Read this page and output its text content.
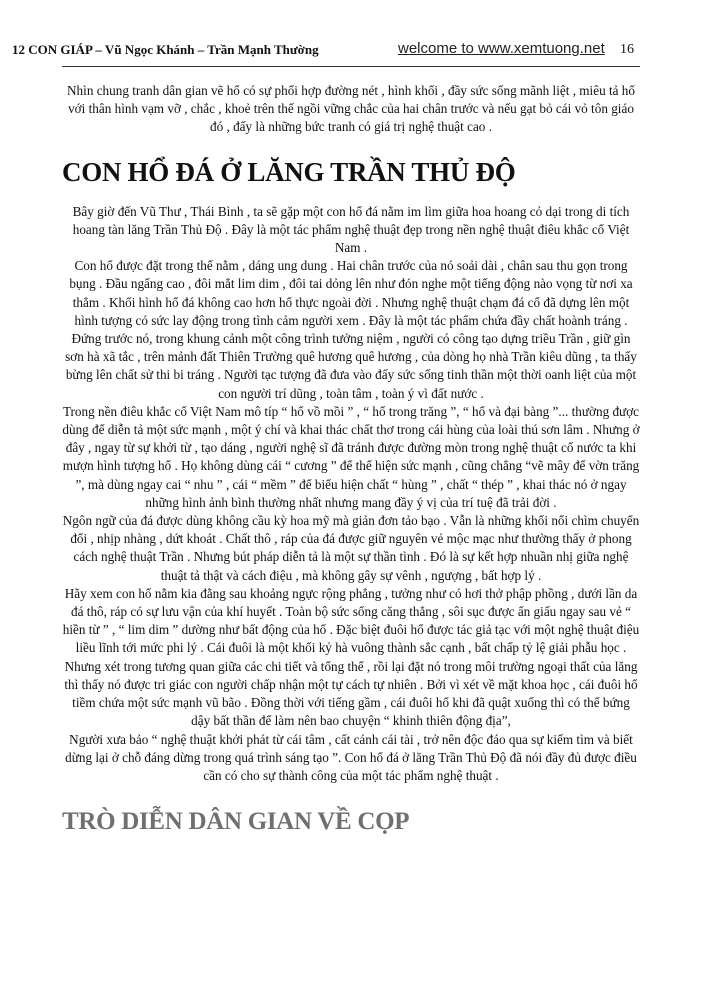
12 CON GIÁP – Vũ Ngọc Khánh – Trần Mạnh Thường	welcome to www.xemtuong.net 16

Nhìn chung tranh dân gian vẽ hổ có sự phối hợp đường nét , hình khối , đầy sức sống mãnh liệt , miêu tả hổ với thân hình vạm vỡ , chắc , khoẻ trên thế ngồi vững chắc của hai chân trước và nếu gạt bỏ cái vỏ tôn giáo đó , đấy là những bức tranh có giá trị nghệ thuật cao .

CON HỔ ĐÁ Ở LĂNG TRẦN THỦ ĐỘ

Bây giờ đến Vũ Thư , Thái Bình , ta sẽ gặp một con hổ đá nằm im lìm giữa hoa hoang cỏ dại trong di tích hoang tàn lăng Trần Thủ Độ . Đây là một tác phẩm nghệ thuật đẹp trong nền nghệ thuật điêu khắc cổ Việt Nam .

Con hổ được đặt trong thế nằm , dáng ung dung . Hai chân trước của nó soải dài , chân sau thu gọn trong bụng . Đầu ngẩng cao , đôi mắt lim dim , đôi tai dỏng lên như đón nghe một tiếng động nào vọng từ nơi xa thẳm . Khối hình hổ đá không cao hơn hổ thực ngoài đời . Nhưng nghệ thuật chạm đá cổ đã dựng lên một hình tượng có sức lay động trong tình cảm người xem . Đây là một tác phẩm chứa đầy chất hoành tráng . Đứng trước nó, trong khung cảnh một công trình tưởng niệm , người có công tạo dựng triều Trần , giữ gìn sơn hà xã tắc , trên mảnh đất Thiên Trường quê hương quê hương , của dòng họ nhà Trần kiêu dũng , ta thấy bừng lên chất sử thi bi tráng . Người tạc tượng đã đưa vào đấy sức sống tinh thần một thời oanh liệt của một con người trí dũng , toàn tâm , toàn ý vì đất nước .

Trong nền điêu khắc cổ Việt Nam mô típ “ hổ vồ mồi ” , “ hổ trong trăng ”, “ hổ và đại bàng ”... thường được dùng để diễn tả một sức mạnh , một ý chí và khai thác chất thơ trong cái hùng của loài thú sơn lâm . Nhưng ở đây , ngay từ sự khởi từ , tạo dáng , người nghệ sĩ đã tránh được đường mòn trong nghệ thuật cổ nước ta khi mượn hình tượng hổ . Họ không dùng cái “ cương ” để thể hiện sức mạnh , cũng chẳng “vẽ mây để vờn trăng ”, mà dùng ngay cai “ nhu ” , cái “ mềm ” để biểu hiện chất “ hùng ” , chất “ thép ” , khai thác nó ở ngay những hình ảnh bình thường nhất nhưng mang đầy ý vị của trí tuệ đã trải đời .

Ngôn ngữ của đá được dùng không cầu kỳ hoa mỹ mà giản đơn tảo bạo . Vẫn là những khối nổi chìm chuyển đổi , nhịp nhàng , dứt khoát . Chất thô , ráp của đá được giữ nguyên vẻ mộc mạc như thường thấy ở phong cách nghệ thuật Trần . Nhưng bút pháp diễn tả là một sự thần tình . Đó là sự kết hợp nhuần nhị giữa nghệ thuật tả thật và cách điệu , mà không gây sự vênh , ngượng , bất hợp lý .

Hãy xem con hổ nằm kia đằng sau khoảng ngực rộng phẳng , tưởng như có hơi thở phập phồng , dưới lần da đá thô, ráp có sự lưu vận của khí huyết . Toàn bộ sức sống căng thẳng , sôi sục được ẩn giấu ngay sau vẻ “ hiền từ ” , “ lim dim ” dường như bất động của hổ . Đặc biệt đuôi hổ được tác giả tạc với một nghệ thuật điệu liều lĩnh tới mức phi lý . Cái đuôi là một khối kỷ hà vuông thành sắc cạnh , bất chấp tỷ lệ giải phẫu học . Nhưng xét trong tương quan giữa các chi tiết và tổng thể , rồi lại đặt nó trong môi trường ngoại thất của lăng thì thấy nó được tri giác con người chấp nhận một tự cách tự nhiên . Bởi vì xét về mặt khoa học , cái đuôi hổ tiềm chứa một sức mạnh vũ bão . Đồng thời với tiếng gầm , cái đuôi hổ khi đã quật xuống thì có thể bứng dậy bất thần để làm nên bao chuyện “ khinh thiên động địa”,

Người xưa bảo “ nghệ thuật khởi phát từ cái tâm , cất cánh cái tài , trở nên độc đáo qua sự kiếm tìm và biết dừng lại ở chỗ đáng dừng trong quá trình sáng tạo ”. Con hổ đá ở lăng Trần Thủ Độ đã nói đầy đủ được điều cần có cho sự thành công của một tác phẩm nghệ thuật .

TRÒ DIỄN DÂN GIAN VỀ CỌP
